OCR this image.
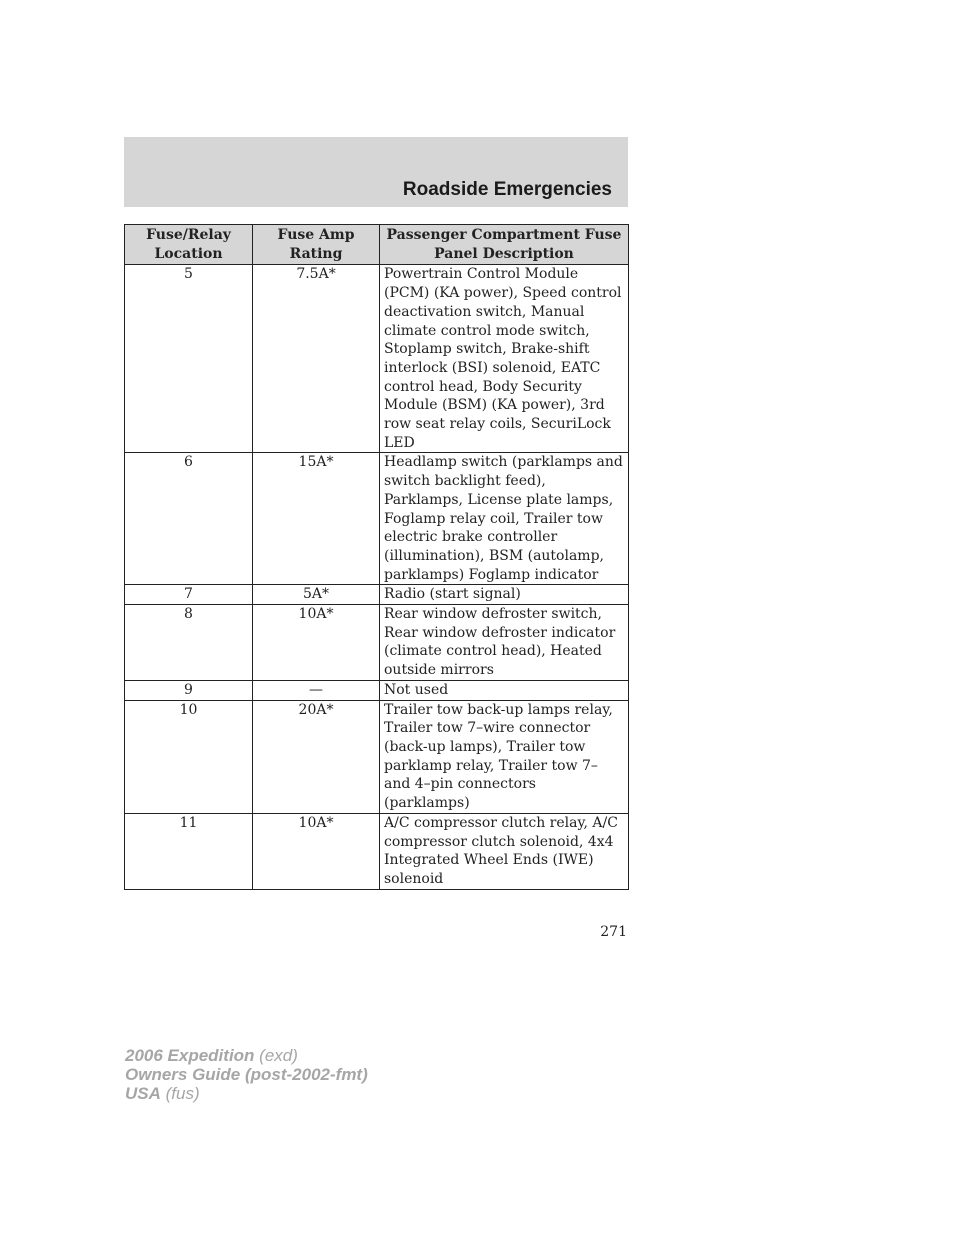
Roadside Emergencies
Fuse/Relay Location	Fuse Amp Rating	Passenger Compartment Fuse Panel Description
5	7.5A*	Powertrain Control Module (PCM) (KA power), Speed control deactivation switch, Manual climate control mode switch, Stoplamp switch, Brake-shift interlock (BSI) solenoid, EATC control head, Body Security Module (BSM) (KA power), 3rd row seat relay coils, SecuriLock LED
6	15A*	Headlamp switch (parklamps and switch backlight feed), Parklamps, License plate lamps, Foglamp relay coil, Trailer tow electric brake controller (illumination), BSM (autolamp, parklamps) Foglamp indicator
7	5A*	Radio (start signal)
8	10A*	Rear window defroster switch, Rear window defroster indicator (climate control head), Heated outside mirrors
9	—	Not used
10	20A*	Trailer tow back-up lamps relay, Trailer tow 7–wire connector (back-up lamps), Trailer tow parklamp relay, Trailer tow 7– and 4–pin connectors (parklamps)
11	10A*	A/C compressor clutch relay, A/C compressor clutch solenoid, 4x4 Integrated Wheel Ends (IWE) solenoid
271
2006 Expedition (exd)
Owners Guide (post-2002-fmt)
USA (fus)
